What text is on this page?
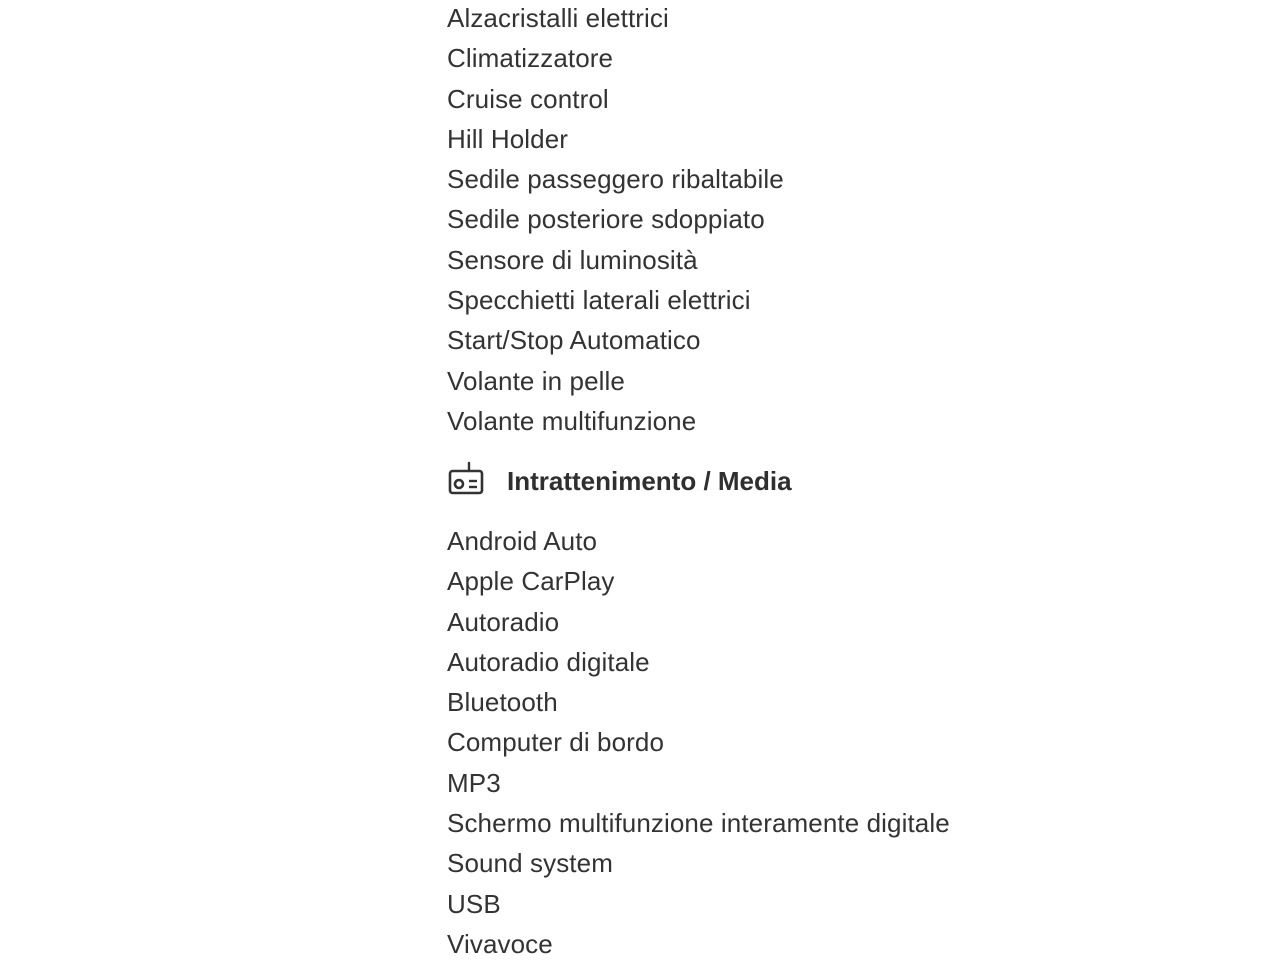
Alzacristalli elettrici
Climatizzatore
Cruise control
Hill Holder
Sedile passeggero ribaltabile
Sedile posteriore sdoppiato
Sensore di luminosità
Specchietti laterali elettrici
Start/Stop Automatico
Volante in pelle
Volante multifunzione
Intrattenimento / Media
Android Auto
Apple CarPlay
Autoradio
Autoradio digitale
Bluetooth
Computer di bordo
MP3
Schermo multifunzione interamente digitale
Sound system
USB
Vivavoce
